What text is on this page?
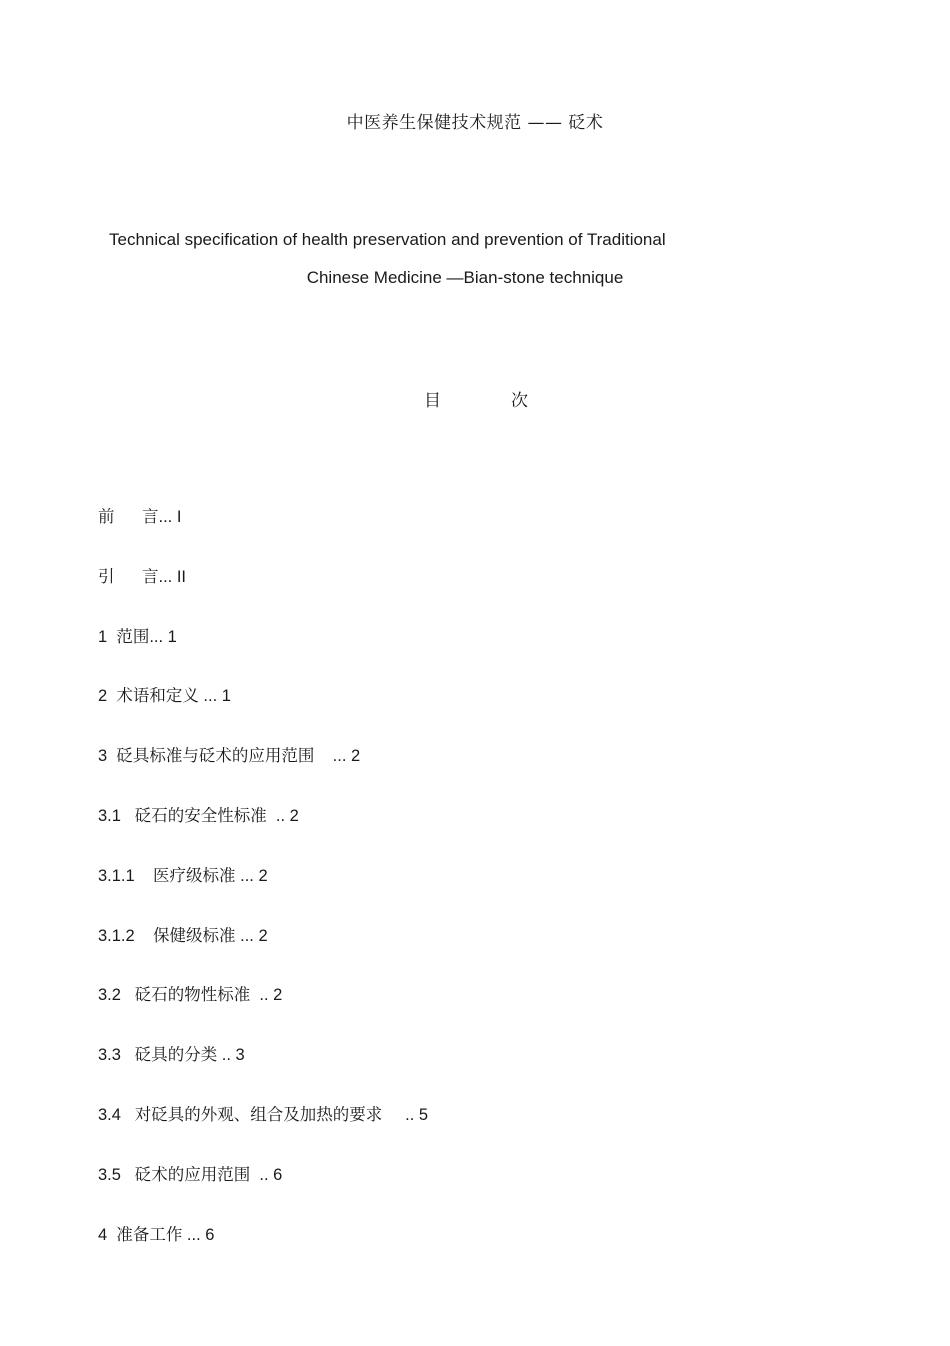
中医养生保健技术规范 —— 砭术
Technical specification of health preservation and prevention of Traditional
Chinese Medicine —Bian-stone technique
目	次
前      言... I
引      言... II
1  范围... 1
2  术语和定义 ... 1
3  砭具标准与砭术的应用范围    ... 2
3.1   砭石的安全性标准  .. 2
3.1.1    医疗级标准 ... 2
3.1.2    保健级标准 ... 2
3.2   砭石的物性标准  .. 2
3.3   砭具的分类 .. 3
3.4   对砭具的外观、组合及加热的要求     .. 5
3.5   砭术的应用范围  .. 6
4  准备工作 ... 6
